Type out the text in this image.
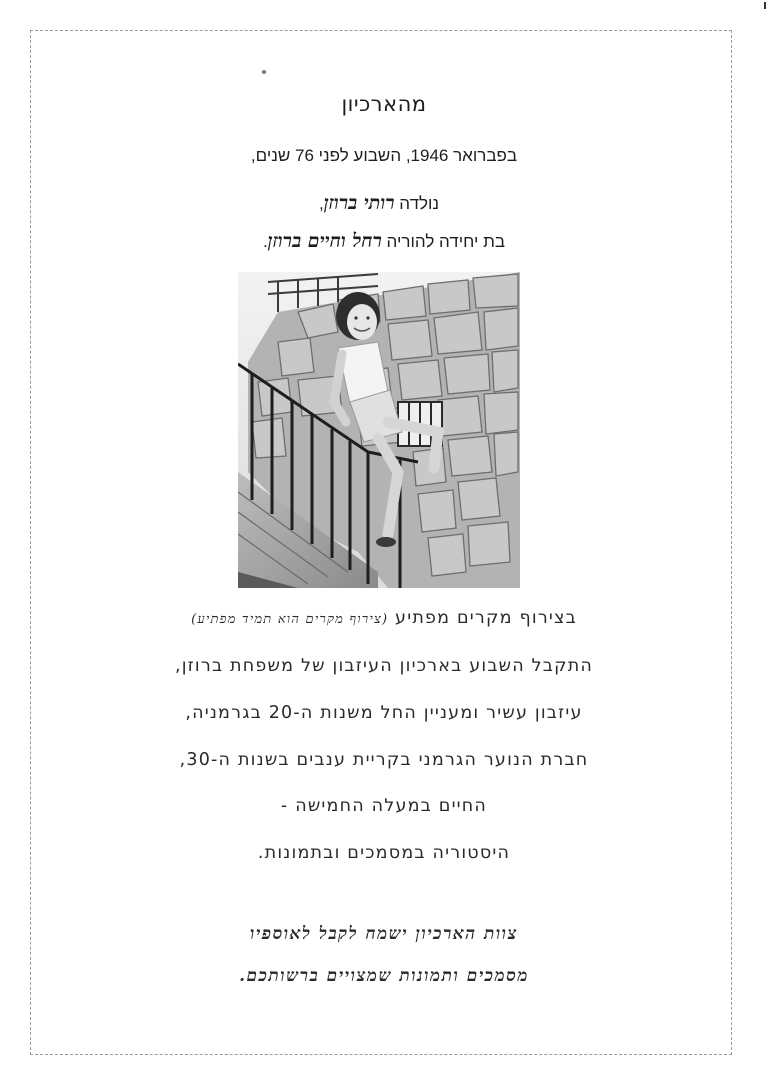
מהארכיון
בפברואר 1946, השבוע לפני 76 שנים,
נולדה רותי ברוזן,
בת יחידה להוריה רחל וחיים ברוזן.
בצירוף מקרים מפתיע (צירוף מקרים הוא תמיד מפתיע)
התקבל השבוע בארכיון העיזבון של משפחת ברוזן,
עיזבון עשיר ומעניין החל משנות ה-20 בגרמניה,
חברת הנוער הגרמני בקריית ענבים בשנות ה-30,
החיים במעלה החמישה -
היסטוריה במסמכים ובתמונות.
צוות הארכיון ישמח לקבל לאוספיו
מסמכים ותמונות שמצויים ברשותכם.
